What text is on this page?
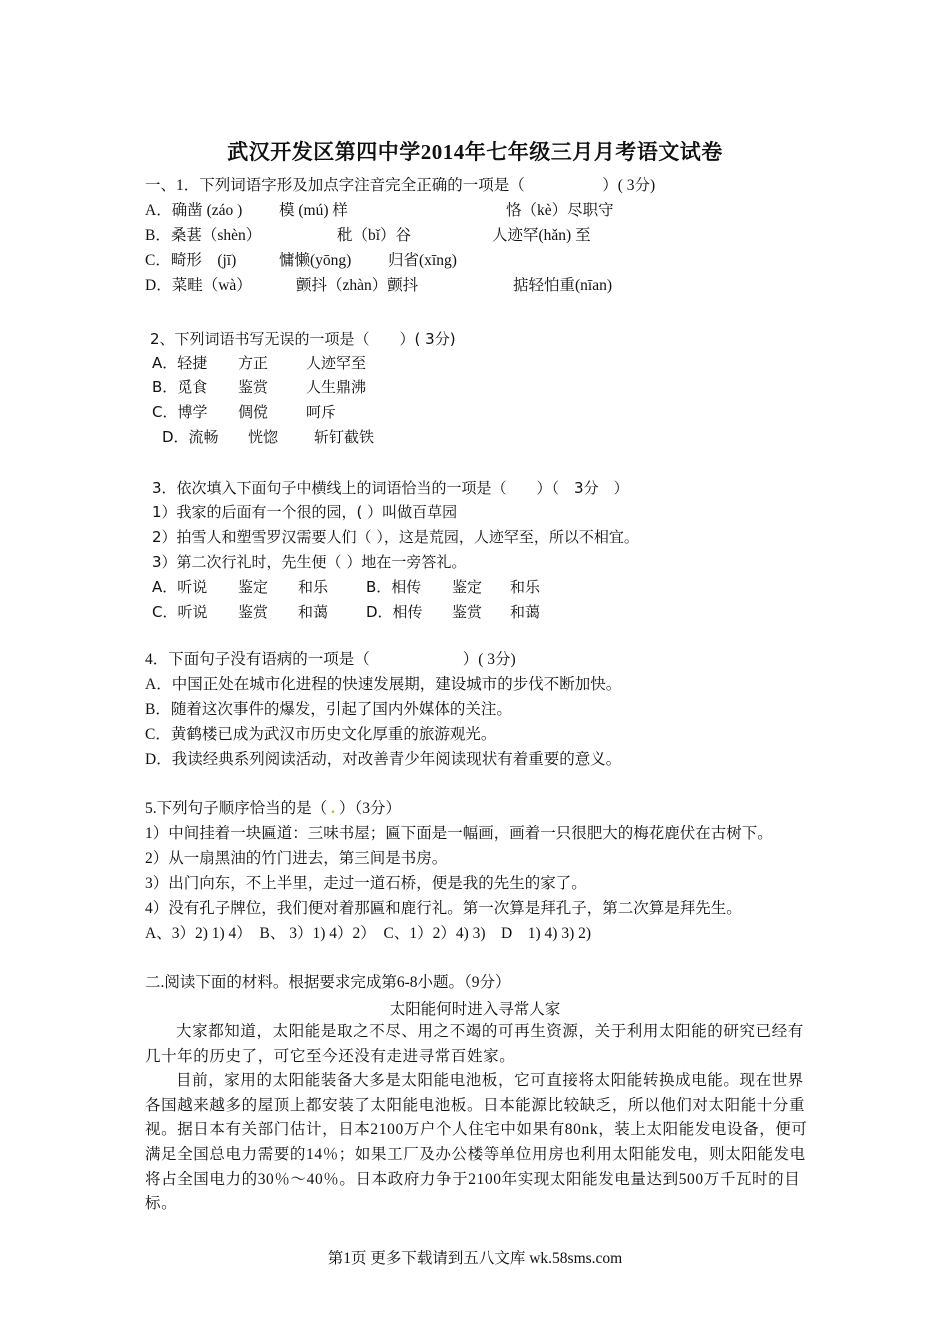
武汉开发区第四中学2014年七年级三月月考语文试卷
一、1．下列词语字形及加点字注音完全正确的一项是（　　　　　）( 3分)
A．确凿 (záo ) 模 (mú) 样	恪（kè）尽职守
B．桑葚（shèn）	秕（bǐ）谷	人迹罕(hǎn) 至
C．畸形　(jī)	慵懒(yōng) 归省(xīng)
D．菜畦（wà）	颤抖（zhàn）颤抖	掂轻怕重(nīan)
2、下列词语书写无误的一项是（　　）( 3分)
A．轻捷 方正	人迹罕至
B．觅食 鉴赏	人生鼎沸
C．博学 倜傥	呵斥
D．流畅 恍惚 斩钉截铁
3．依次填入下面句子中横线上的词语恰当的一项是（　　）（　3分　）
1）我家的后面有一个很的园，( ）叫做百草园
2）拍雪人和塑雪罗汉需要人们（ ），这是荒园，人迹罕至，所以不相宜。
3）第二次行礼时，先生便（ ）地在一旁答礼。
A．听说 鉴定 和乐	B．相传 鉴定 和乐
C．听说 鉴赏 和蔼	D．相传 鉴赏 和蔼
4．下面句子没有语病的一项是（　　　　　　）( 3分)
A．中国正处在城市化进程的快速发展期，建设城市的步伐不断加快。
B．随着这次事件的爆发，引起了国内外媒体的关注。
C．黄鹤楼已成为武汉市历史文化厚重的旅游观光。
D．我读经典系列阅读活动，对改善青少年阅读现状有着重要的意义。
5.下列句子顺序恰当的是（ . ）（3分）
1）中间挂着一块匾道：三味书屋；匾下面是一幅画，画着一只很肥大的梅花鹿伏在古树下。
2）从一扇黑油的竹门进去，第三间是书房。
3）出门向东，不上半里，走过一道石桥，便是我的先生的家了。
4）没有孔子牌位，我们便对着那匾和鹿行礼。第一次算是拜孔子，第二次算是拜先生。
A、3）2) 1) 4）　B、 3）1) 4）2）　C、1）2）4) 3)　D　1) 4) 3) 2)
二.阅读下面的材料。根据要求完成第6-8小题。（9分）
太阳能何时进入寻常人家

大家都知道，太阳能是取之不尽、用之不竭的可再生资源，关于利用太阳能的研究已经有几十年的历史了，可它至今还没有走进寻常百姓家。

目前，家用的太阳能装备大多是太阳能电池板，它可直接将太阳能转换成电能。现在世界各国越来越多的屋顶上都安装了太阳能电池板。日本能源比较缺乏，所以他们对太阳能十分重视。据日本有关部门估计，日本2100万户个人住宅中如果有80nk，装上太阳能发电设备，便可满足全国总电力需要的14％；如果工厂及办公楼等单位用房也利用太阳能发电，则太阳能发电将占全国电力的30％～40％。日本政府力争于2100年实现太阳能发电量达到500万千瓦时的目标。

第1页 更多下载请到五八文库 wk.58sms.com
